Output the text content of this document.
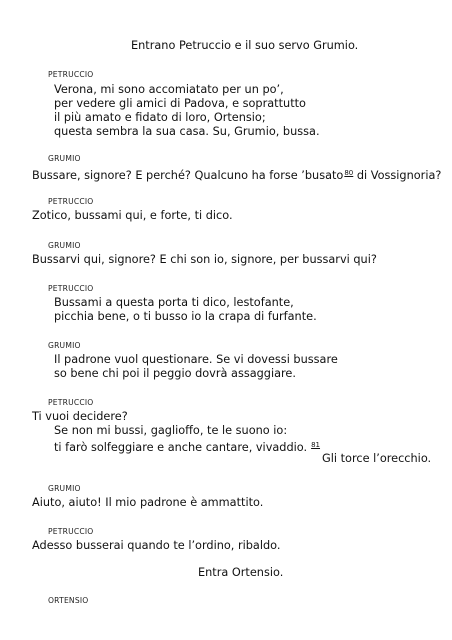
Entrano Petruccio e il suo servo Grumio.
PETRUCCIO
Verona, mi sono accomiatato per un po’,
per vedere gli amici di Padova, e soprattutto
il più amato e fidato di loro, Ortensio;
questa sembra la sua casa. Su, Grumio, bussa.
GRUMIO
Bussare, signore? E perché? Qualcuno ha forse ’busato$^{80}$ di Vossignoria?
PETRUCCIO
Zotico, bussami qui, e forte, ti dico.
GRUMIO
Bussarvi qui, signore? E chi son io, signore, per bussarvi qui?
PETRUCCIO
Bussami a questa porta ti dico, lestofante,
picchia bene, o ti busso io la crapa di furfante.
GRUMIO
Il padrone vuol questionare. Se vi dovessi bussare
so bene chi poi il peggio dovrà assaggiare.
PETRUCCIO
Ti vuoi decidere?
Se non mi bussi, gaglioffo, te le suono io:
ti farò solfeggiare e anche cantare, vivaddio. $^{81}$
Gli torce l’orecchio.
GRUMIO
Aiuto, aiuto! Il mio padrone è ammattito.
PETRUCCIO
Adesso busserai quando te l’ordino, ribaldo.
Entra Ortensio.
ORTENSIO
